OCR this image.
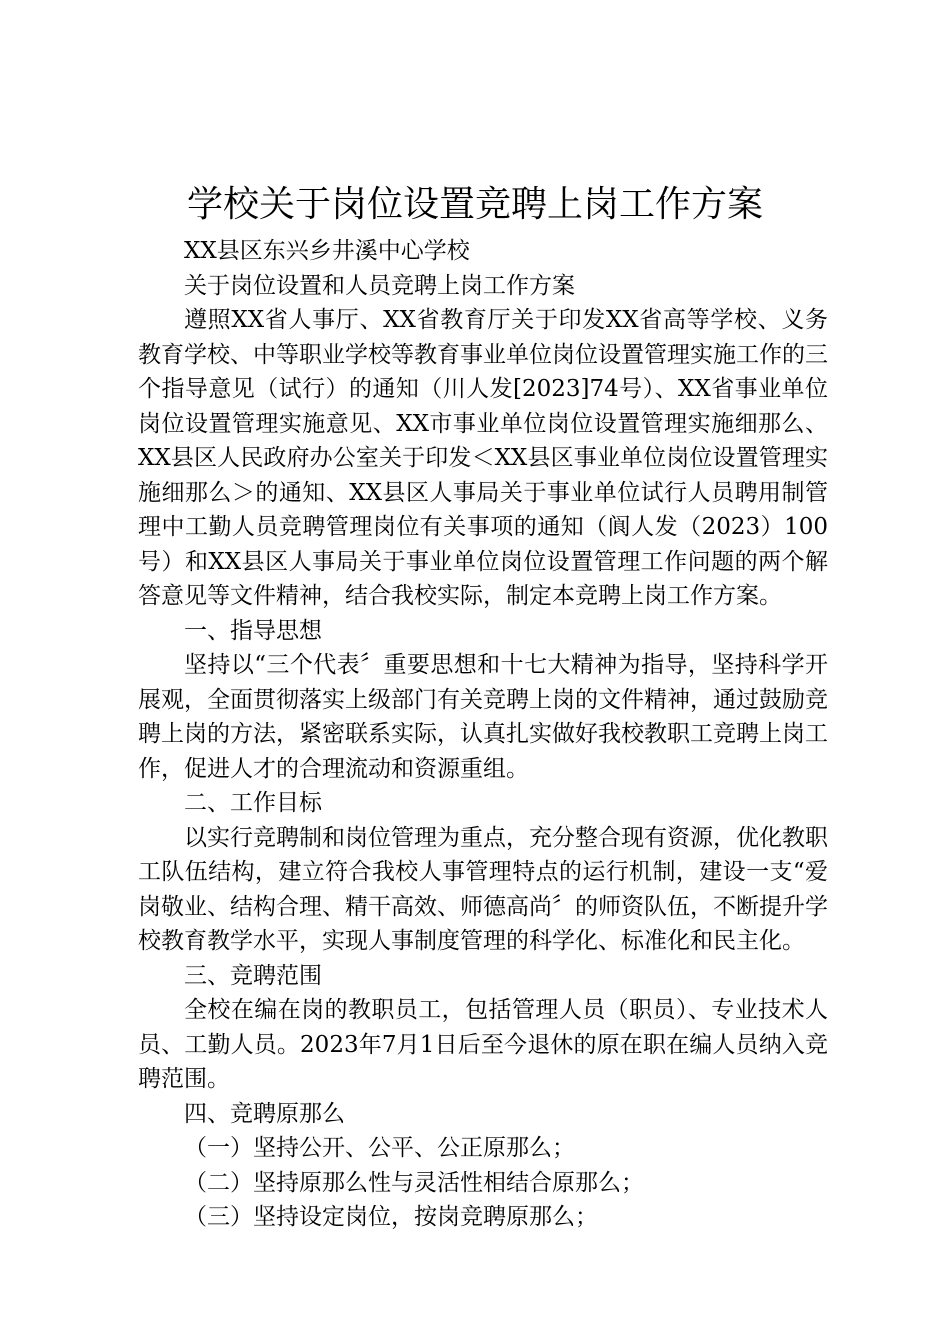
学校关于岗位设置竞聘上岗工作方案

XX县区东兴乡井溪中心学校

关于岗位设置和人员竞聘上岗工作方案

遵照XX省人事厅、XX省教育厅关于印发XX省高等学校、义务教育学校、中等职业学校等教育事业单位岗位设置管理实施工作的三个指导意见（试行）的通知（川人发[2023]74号）、XX省事业单位岗位设置管理实施意见、XX市事业单位岗位设置管理实施细那么、XX县区人民政府办公室关于印发＜XX县区事业单位岗位设置管理实施细那么＞的通知、XX县区人事局关于事业单位试行人员聘用制管理中工勤人员竞聘管理岗位有关事项的通知（阆人发（2023）100号）和XX县区人事局关于事业单位岗位设置管理工作问题的两个解答意见等文件精神，结合我校实际，制定本竞聘上岗工作方案。

一、指导思想

坚持以“三个代表〞重要思想和十七大精神为指导，坚持科学开展观，全面贯彻落实上级部门有关竞聘上岗的文件精神，通过鼓励竞聘上岗的方法，紧密联系实际，认真扎实做好我校教职工竞聘上岗工作，促进人才的合理流动和资源重组。

二、工作目标

以实行竞聘制和岗位管理为重点，充分整合现有资源，优化教职工队伍结构，建立符合我校人事管理特点的运行机制，建设一支“爱岗敬业、结构合理、精干高效、师德高尚〞的师资队伍，不断提升学校教育教学水平，实现人事制度管理的科学化、标准化和民主化。

三、竞聘范围

全校在编在岗的教职员工，包括管理人员（职员）、专业技术人员、工勤人员。2023年7月1日后至今退休的原在职在编人员纳入竞聘范围。

四、竞聘原那么

（一）坚持公开、公平、公正原那么；

（二）坚持原那么性与灵活性相结合原那么；

（三）坚持设定岗位，按岗竞聘原那么；
